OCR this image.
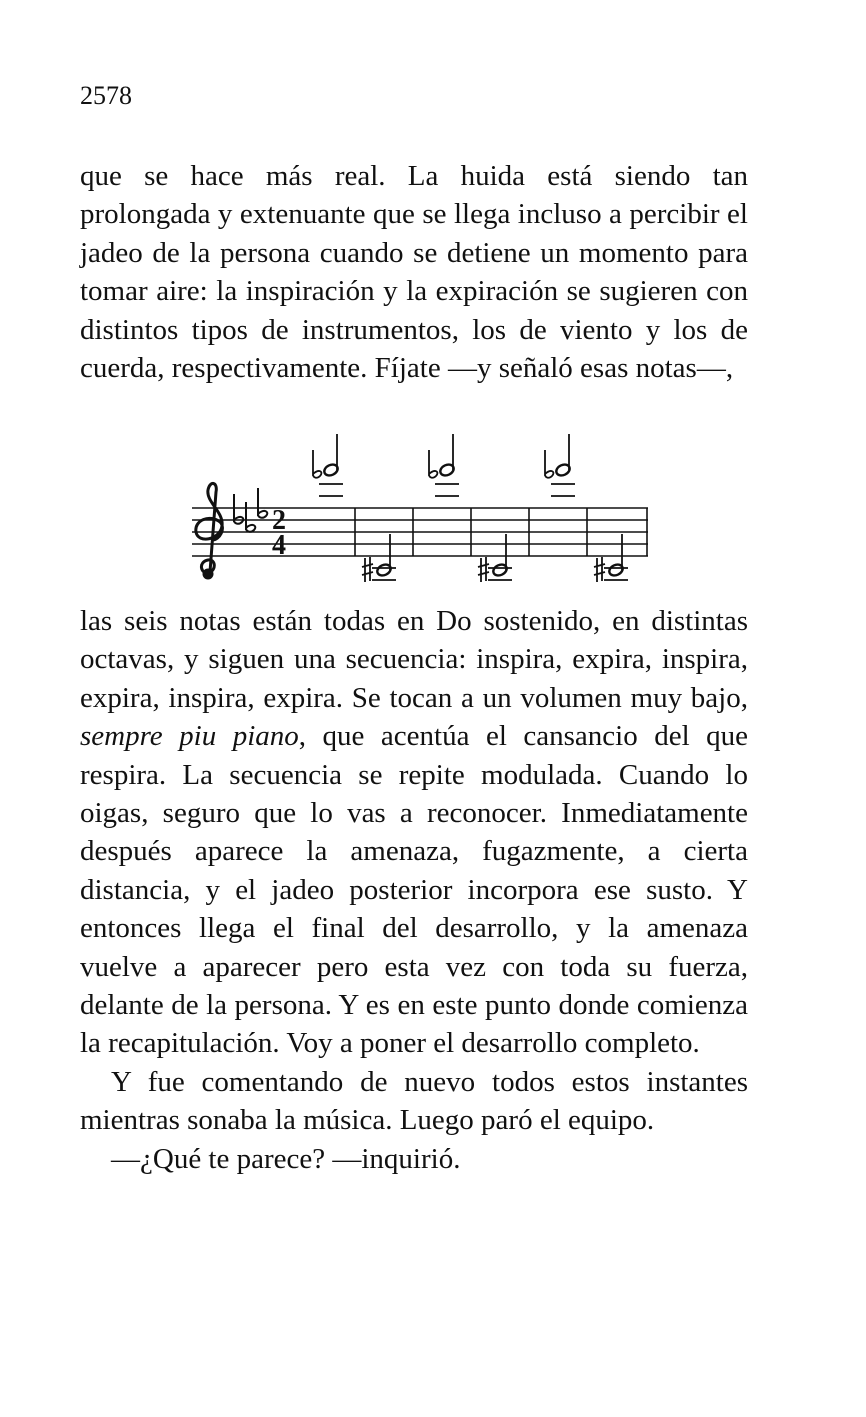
2578

que se hace más real. La huida está siendo tan prolongada y extenuante que se llega incluso a percibir el jadeo de la persona cuando se detiene un momento para tomar aire: la inspiración y la expiración se sugieren con distintos tipos de instrumentos, los de viento y los de cuerda, respectivamente. Fíjate —y señaló esas notas—,

2
4

las seis notas están todas en Do sostenido, en distintas octavas, y siguen una secuencia: inspira, expira, inspira, expira, inspira, expira. Se tocan a un volumen muy bajo, sempre piu piano, que acentúa el cansancio del que respira. La secuencia se repite modulada. Cuando lo oigas, seguro que lo vas a reconocer. Inmediatamente después aparece la amenaza, fugazmente, a cierta distancia, y el jadeo posterior incorpora ese susto. Y entonces llega el final del desarrollo, y la amenaza vuelve a aparecer pero esta vez con toda su fuerza, delante de la persona. Y es en este punto donde comienza la recapitulación. Voy a poner el desarrollo completo.

Y fue comentando de nuevo todos estos instantes mientras sonaba la música. Luego paró el equipo.

—¿Qué te parece? —inquirió.
